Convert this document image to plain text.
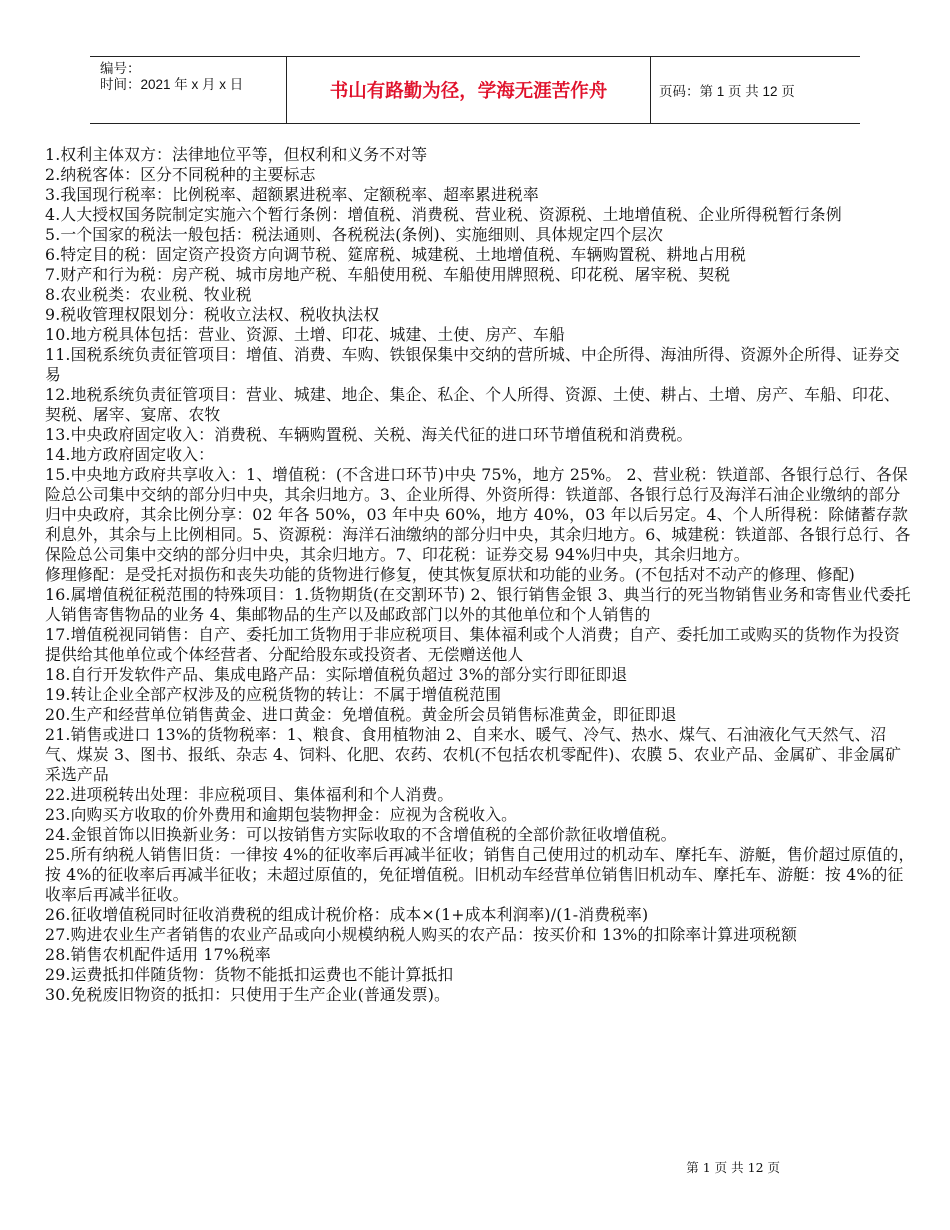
编号：
时间：2021 年 x 月 x 日	书山有路勤为径，学海无涯苦作舟	页码：第 1 页 共 12 页
1.权利主体双方：法律地位平等，但权利和义务不对等
2.纳税客体：区分不同税种的主要标志
3.我国现行税率：比例税率、超额累进税率、定额税率、超率累进税率
4.人大授权国务院制定实施六个暂行条例：增值税、消费税、营业税、资源税、土地增值税、企业所得税暂行条例
5.一个国家的税法一般包括：税法通则、各税税法(条例)、实施细则、具体规定四个层次
6.特定目的税：固定资产投资方向调节税、筵席税、城建税、土地增值税、车辆购置税、耕地占用税
7.财产和行为税：房产税、城市房地产税、车船使用税、车船使用牌照税、印花税、屠宰税、契税
8.农业税类：农业税、牧业税
9.税收管理权限划分：税收立法权、税收执法权
10.地方税具体包括：营业、资源、土增、印花、城建、土使、房产、车船
11.国税系统负责征管项目：增值、消费、车购、铁银保集中交纳的营所城、中企所得、海油所得、资源外企所得、证券交易
12.地税系统负责征管项目：营业、城建、地企、集企、私企、个人所得、资源、土使、耕占、土增、房产、车船、印花、契税、屠宰、宴席、农牧
13.中央政府固定收入：消费税、车辆购置税、关税、海关代征的进口环节增值税和消费税。
14.地方政府固定收入：
15.中央地方政府共享收入：1、增值税：(不含进口环节)中央 75%，地方 25%。 2、营业税：铁道部、各银行总行、各保险总公司集中交纳的部分归中央，其余归地方。3、企业所得、外资所得：铁道部、各银行总行及海洋石油企业缴纳的部分归中央政府，其余比例分享：02 年各 50%，03 年中央 60%，地方 40%，03 年以后另定。4、个人所得税：除储蓄存款利息外，其余与上比例相同。5、资源税：海洋石油缴纳的部分归中央，其余归地方。6、城建税：铁道部、各银行总行、各保险总公司集中交纳的部分归中央，其余归地方。7、印花税：证券交易 94%归中央，其余归地方。
修理修配：是受托对损伤和丧失功能的货物进行修复，使其恢复原状和功能的业务。(不包括对不动产的修理、修配)
16.属增值税征税范围的特殊项目：1.货物期货(在交割环节) 2、银行销售金银 3、典当行的死当物销售业务和寄售业代委托人销售寄售物品的业务 4、集邮物品的生产以及邮政部门以外的其他单位和个人销售的
17.增值税视同销售：自产、委托加工货物用于非应税项目、集体福利或个人消费；自产、委托加工或购买的货物作为投资提供给其他单位或个体经营者、分配给股东或投资者、无偿赠送他人
18.自行开发软件产品、集成电路产品：实际增值税负超过 3%的部分实行即征即退
19.转让企业全部产权涉及的应税货物的转让：不属于增值税范围
20.生产和经营单位销售黄金、进口黄金：免增值税。黄金所会员销售标准黄金，即征即退
21.销售或进口 13%的货物税率：1、粮食、食用植物油 2、自来水、暖气、冷气、热水、煤气、石油液化气天然气、沼气、煤炭 3、图书、报纸、杂志 4、饲料、化肥、农药、农机(不包括农机零配件)、农膜 5、农业产品、金属矿、非金属矿采选产品
22.进项税转出处理：非应税项目、集体福利和个人消费。
23.向购买方收取的价外费用和逾期包装物押金：应视为含税收入。
24.金银首饰以旧换新业务：可以按销售方实际收取的不含增值税的全部价款征收增值税。
25.所有纳税人销售旧货：一律按 4%的征收率后再减半征收；销售自己使用过的机动车、摩托车、游艇，售价超过原值的，按 4%的征收率后再减半征收；未超过原值的，免征增值税。旧机动车经营单位销售旧机动车、摩托车、游艇：按 4%的征收率后再减半征收。
26.征收增值税同时征收消费税的组成计税价格：成本×(1+成本利润率)/(1-消费税率)
27.购进农业生产者销售的农业产品或向小规模纳税人购买的农产品：按买价和 13%的扣除率计算进项税额
28.销售农机配件适用 17%税率
29.运费抵扣伴随货物：货物不能抵扣运费也不能计算抵扣
30.免税废旧物资的抵扣：只使用于生产企业(普通发票)。
第 1 页 共 12 页
